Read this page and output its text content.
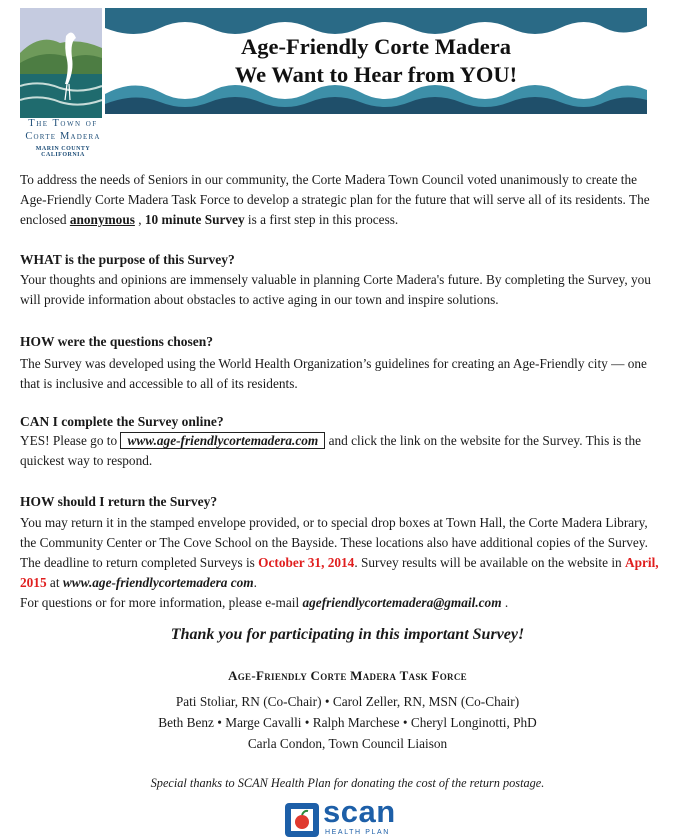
The Town of
Corte Madera
MARIN COUNTY CALIFORNIA
Age-Friendly Corte Madera
We Want to Hear from YOU!
To address the needs of Seniors in our community, the Corte Madera Town Council voted unanimously to create the Age-Friendly Corte Madera Task Force to develop a strategic plan for the future that will serve all of its residents. The enclosed anonymous , 10 minute Survey is a first step in this process.
WHAT is the purpose of this Survey?
Your thoughts and opinions are immensely valuable in planning Corte Madera's future. By completing the Survey, you will provide information about obstacles to active aging in our town and inspire solutions.
HOW were the questions chosen?
The Survey was developed using the World Health Organization’s guidelines for creating an Age-Friendly city — one that is inclusive and accessible to all of its residents.
CAN I complete the Survey online?
YES! Please go to www.age-friendlycortemadera.com and click the link on the website for the Survey. This is the quickest way to respond.
HOW should I return the Survey?
You may return it in the stamped envelope provided, or to special drop boxes at Town Hall, the Corte Madera Library, the Community Center or The Cove School on the Bayside. These locations also have additional copies of the Survey. The deadline to return completed Surveys is October 31, 2014. Survey results will be available on the website in April, 2015 at www.age-friendlycortemadera com.
For questions or for more information, please e-mail agefriendlycortemadera@gmail.com .
Thank you for participating in this important Survey!
Age-Friendly Corte Madera Task Force
Pati Stoliar, RN (Co-Chair) • Carol Zeller, RN, MSN (Co-Chair)
Beth Benz • Marge Cavalli • Ralph Marchese • Cheryl Longinotti, PhD
Carla Condon, Town Council Liaison
Special thanks to SCAN Health Plan for donating the cost of the return postage.
scan
HEALTH PLAN
